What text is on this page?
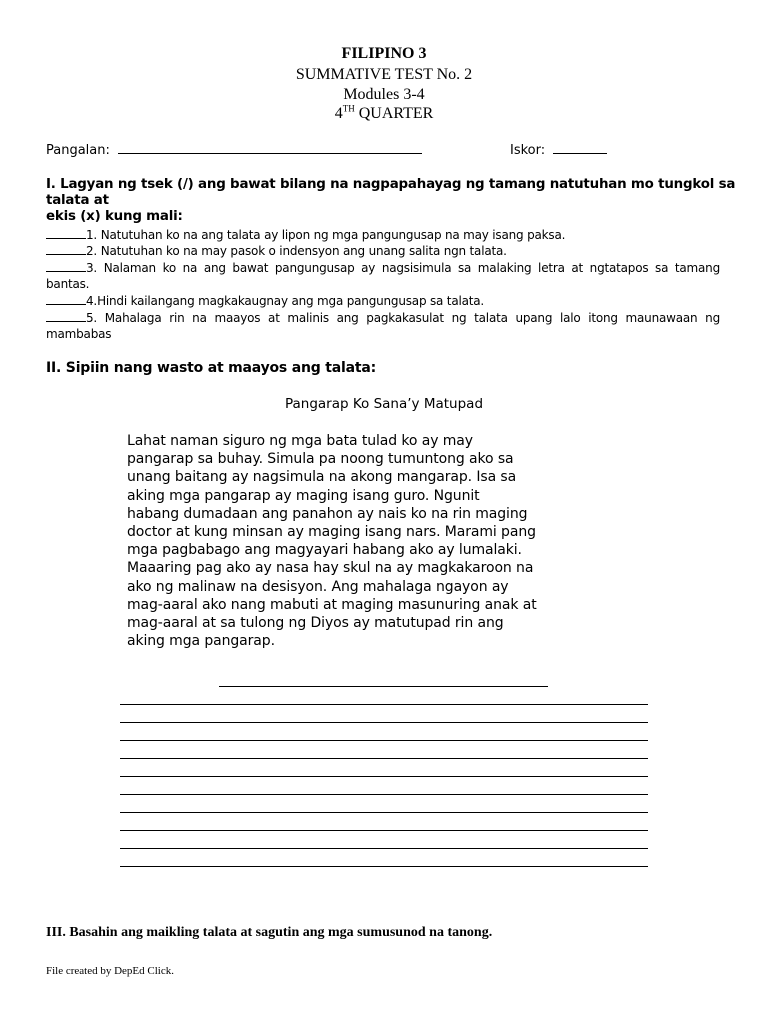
FILIPINO 3
SUMMATIVE TEST No. 2
Modules 3-4
4TH QUARTER
Pangalan:	Iskor:
I. Lagyan ng tsek (/) ang bawat bilang na nagpapahayag ng tamang natutuhan mo tungkol sa talata at
ekis (x) kung mali:
1. Natutuhan ko na ang talata ay lipon ng mga pangungusap na may isang paksa.
2. Natutuhan ko na may pasok o indensyon ang unang salita ngn talata.
3. Nalaman ko na ang bawat pangungusap ay nagsisimula sa malaking letra at ngtatapos sa tamang bantas.
4.Hindi kailangang magkakaugnay ang mga pangungusap sa talata.
5. Mahalaga rin na maayos at malinis ang pagkakasulat ng talata upang lalo itong maunawaan ng mambabas
II. Sipiin nang wasto at maayos ang talata:
Pangarap Ko Sana’y Matupad
Lahat naman siguro ng mga bata tulad ko ay may
pangarap sa buhay. Simula pa noong tumuntong ako sa
unang baitang ay nagsimula na akong mangarap. Isa sa
aking mga pangarap ay maging isang guro. Ngunit
habang dumadaan ang panahon ay nais ko na rin maging
doctor at kung minsan ay maging isang nars. Marami pang
mga pagbabago ang magyayari habang ako ay lumalaki.
Maaaring pag ako ay nasa hay skul na ay magkakaroon na
ako ng malinaw na desisyon. Ang mahalaga ngayon ay
mag-aaral ako nang mabuti at maging masunuring anak at
mag-aaral at sa tulong ng Diyos ay matutupad rin ang
aking mga pangarap.
III. Basahin ang maikling talata at sagutin ang mga sumusunod na tanong.
File created by DepEd Click.
